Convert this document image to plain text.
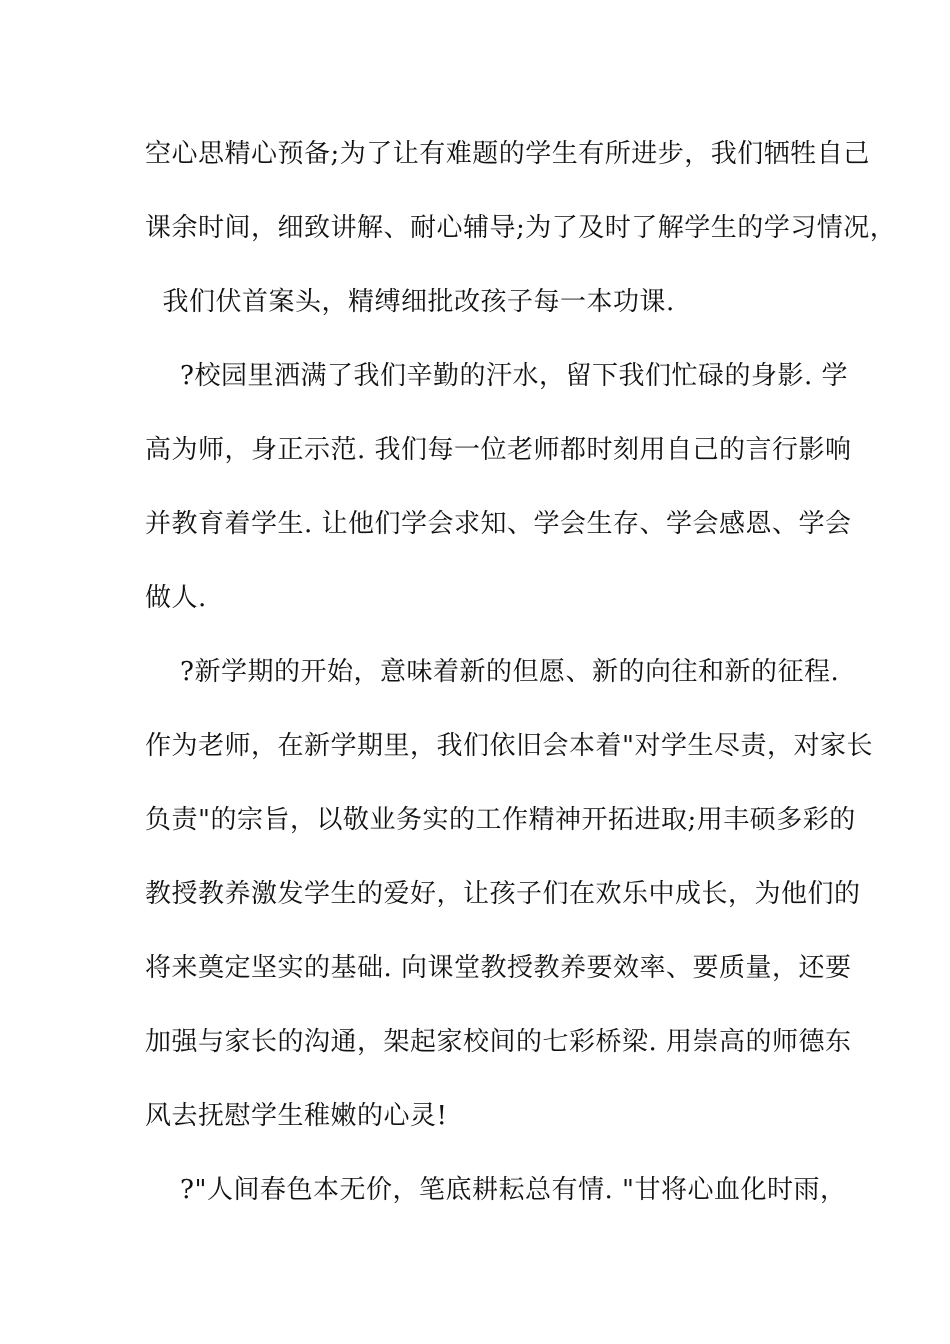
空心思精心预备;为了让有难题的学生有所进步，我们牺牲自己
课余时间，细致讲解、耐心辅导;为了及时了解学生的学习情况，
我们伏首案头，精缚细批改孩子每一本功课.
?校园里洒满了我们辛勤的汗水，留下我们忙碌的身影. 学
高为师，身正示范. 我们每一位老师都时刻用自己的言行影响
并教育着学生. 让他们学会求知、学会生存、学会感恩、学会
做人.
?新学期的开始，意味着新的但愿、新的向往和新的征程.
作为老师，在新学期里，我们依旧会本着"对学生尽责，对家长
负责"的宗旨，以敬业务实的工作精神开拓进取;用丰硕多彩的
教授教养激发学生的爱好，让孩子们在欢乐中成长，为他们的
将来奠定坚实的基础. 向课堂教授教养要效率、要质量，还要
加强与家长的沟通，架起家校间的七彩桥梁. 用崇高的师德东
风去抚慰学生稚嫩的心灵!
?"人间春色本无价，笔底耕耘总有情. "甘将心血化时雨，
